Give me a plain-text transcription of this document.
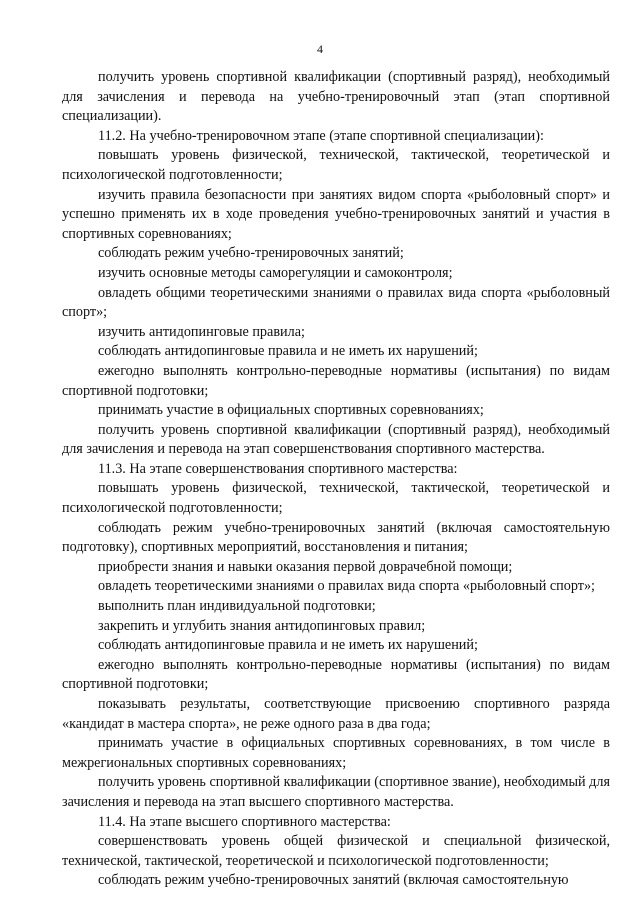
4

получить уровень спортивной квалификации (спортивный разряд), необходимый для зачисления и перевода на учебно-тренировочный этап (этап спортивной специализации).

11.2. На учебно-тренировочном этапе (этапе спортивной специализации):

повышать уровень физической, технической, тактической, теоретической и психологической подготовленности;

изучить правила безопасности при занятиях видом спорта «рыболовный спорт» и успешно применять их в ходе проведения учебно-тренировочных занятий и участия в спортивных соревнованиях;

соблюдать режим учебно-тренировочных занятий;

изучить основные методы саморегуляции и самоконтроля;

овладеть общими теоретическими знаниями о правилах вида спорта «рыболовный спорт»;

изучить антидопинговые правила;

соблюдать антидопинговые правила и не иметь их нарушений;

ежегодно выполнять контрольно-переводные нормативы (испытания) по видам спортивной подготовки;

принимать участие в официальных спортивных соревнованиях;

получить уровень спортивной квалификации (спортивный разряд), необходимый для зачисления и перевода на этап совершенствования спортивного мастерства.

11.3. На этапе совершенствования спортивного мастерства:

повышать уровень физической, технической, тактической, теоретической и психологической подготовленности;

соблюдать режим учебно-тренировочных занятий (включая самостоятельную подготовку), спортивных мероприятий, восстановления и питания;

приобрести знания и навыки оказания первой доврачебной помощи;

овладеть теоретическими знаниями о правилах вида спорта «рыболовный спорт»;

выполнить план индивидуальной подготовки;

закрепить и углубить знания антидопинговых правил;

соблюдать антидопинговые правила и не иметь их нарушений;

ежегодно выполнять контрольно-переводные нормативы (испытания) по видам спортивной подготовки;

показывать результаты, соответствующие присвоению спортивного разряда «кандидат в мастера спорта», не реже одного раза в два года;

принимать участие в официальных спортивных соревнованиях, в том числе в межрегиональных спортивных соревнованиях;

получить уровень спортивной квалификации (спортивное звание), необходимый для зачисления и перевода на этап высшего спортивного мастерства.

11.4. На этапе высшего спортивного мастерства:

совершенствовать уровень общей физической и специальной физической, технической, тактической, теоретической и психологической подготовленности;

соблюдать режим учебно-тренировочных занятий (включая самостоятельную
